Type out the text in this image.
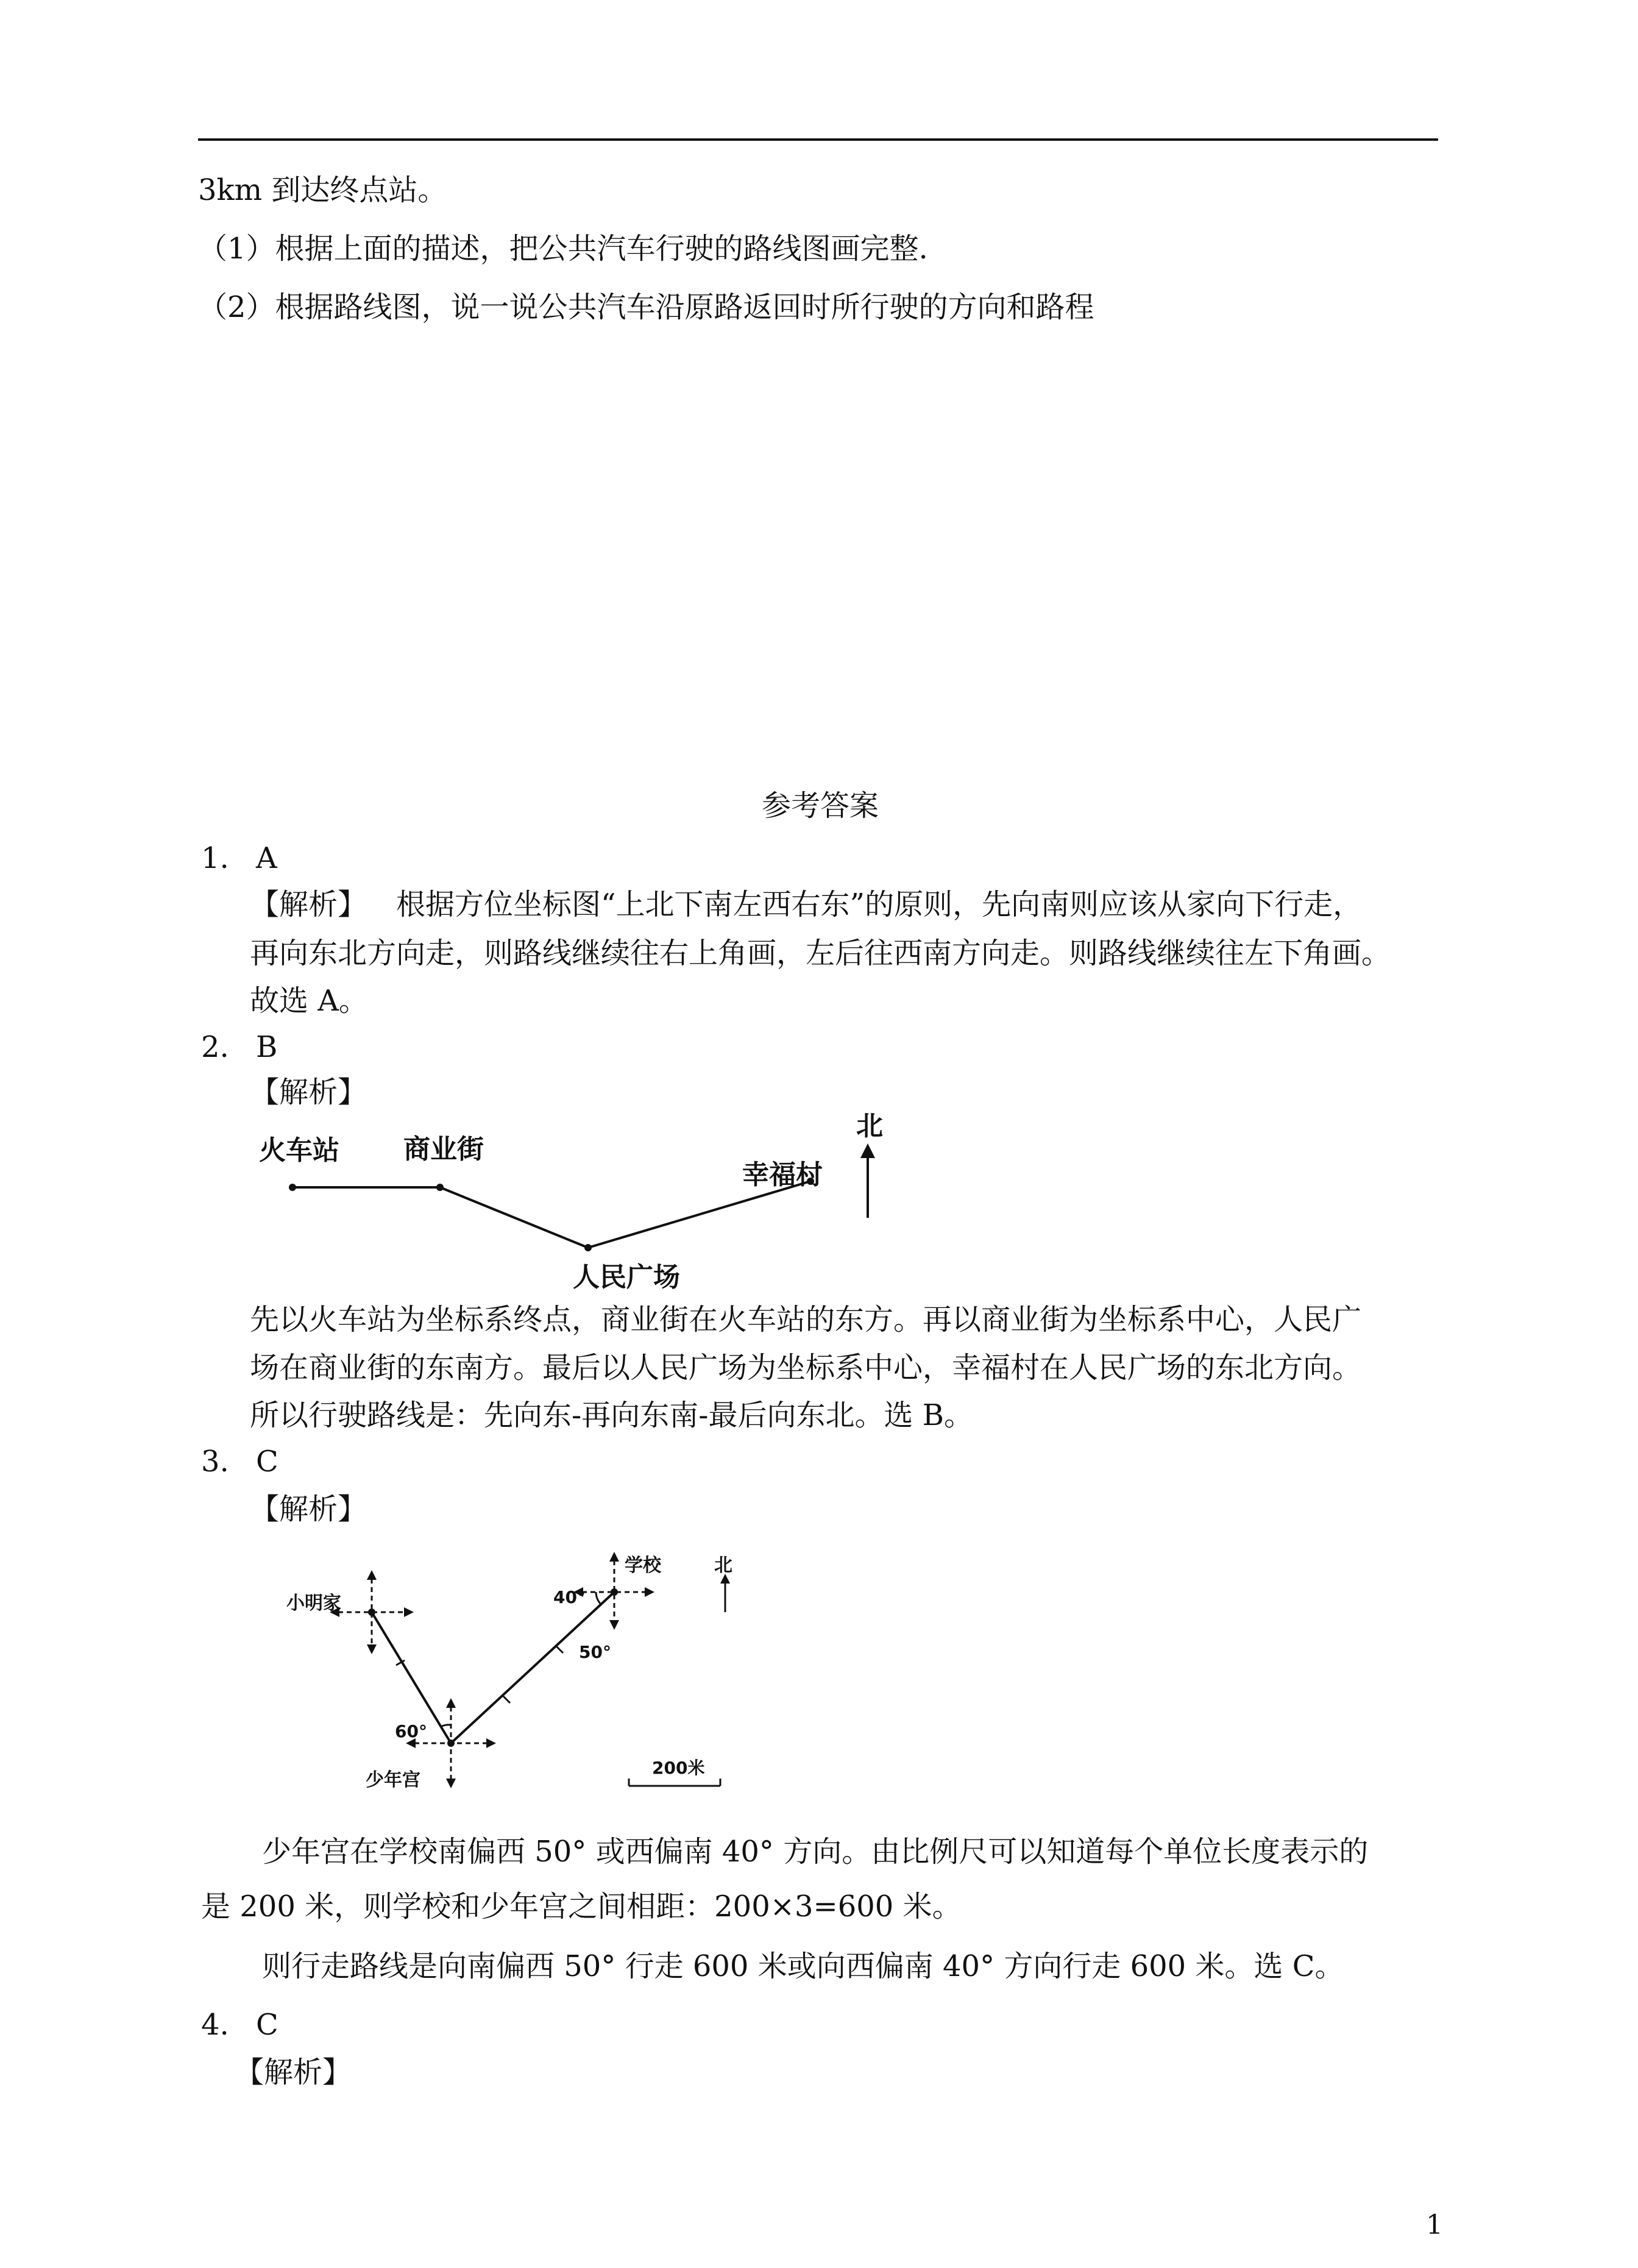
3km 到达终点站。
（1）根据上面的描述，把公共汽车行驶的路线图画完整.
（2）根据路线图，说一说公共汽车沿原路返回时所行驶的方向和路程
参考答案
1. A
【解析】 根据方位坐标图“上北下南左西右东”的原则，先向南则应该从家向下行走，
再向东北方向走，则路线继续往右上角画，左后往西南方向走。则路线继续往左下角画。
故选 A。
2. B
【解析】
火车站 商业街
人民广场
幸福村
北
先以火车站为坐标系终点，商业街在火车站的东方。再以商业街为坐标系中心，人民广
场在商业街的东南方。最后以人民广场为坐标系中心，幸福村在人民广场的东北方向。
所以行驶路线是：先向东-再向东南-最后向东北。选 B。
3. C
【解析】
小明家
学校
少年宫
北
40°
50°
60°
200米
少年宫在学校南偏西 50° 或西偏南 40° 方向。由比例尺可以知道每个单位长度表示的
是 200 米，则学校和少年宫之间相距：200×3=600 米。
则行走路线是向南偏西 50° 行走 600 米或向西偏南 40° 方向行走 600 米。选 C。
4. C
【解析】
1
